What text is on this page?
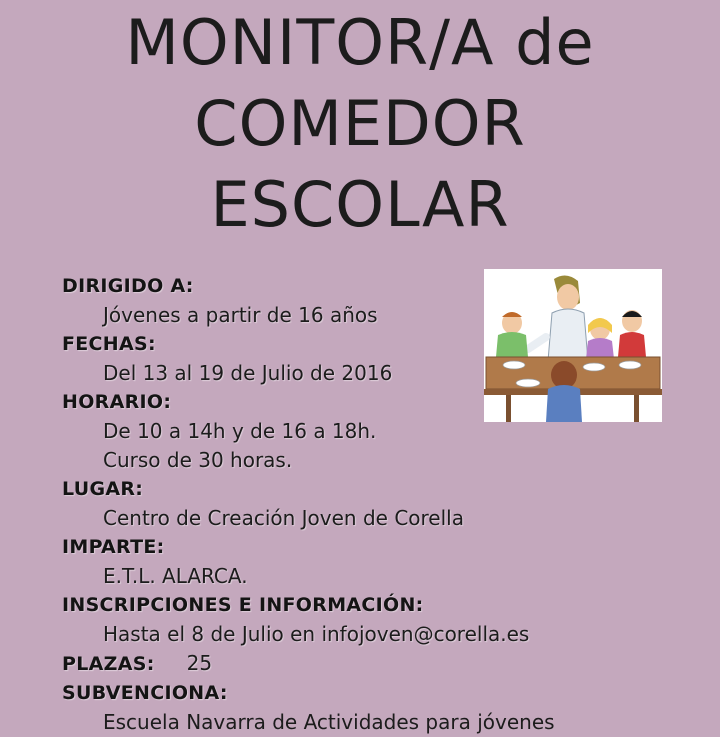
MONITOR/A de
COMEDOR
ESCOLAR
DIRIGIDO A:
Jóvenes a partir de 16 años
FECHAS:
Del 13 al 19 de Julio de 2016
HORARIO:
De 10 a 14h y de 16 a 18h.
Curso de 30 horas.
LUGAR:
Centro de Creación Joven de Corella
IMPARTE:
E.T.L. ALARCA.
INSCRIPCIONES E INFORMACIÓN:
Hasta el 8 de Julio en infojoven@corella.es
PLAZAS: 25
SUBVENCIONA:
Escuela Navarra de Actividades para jóvenes
